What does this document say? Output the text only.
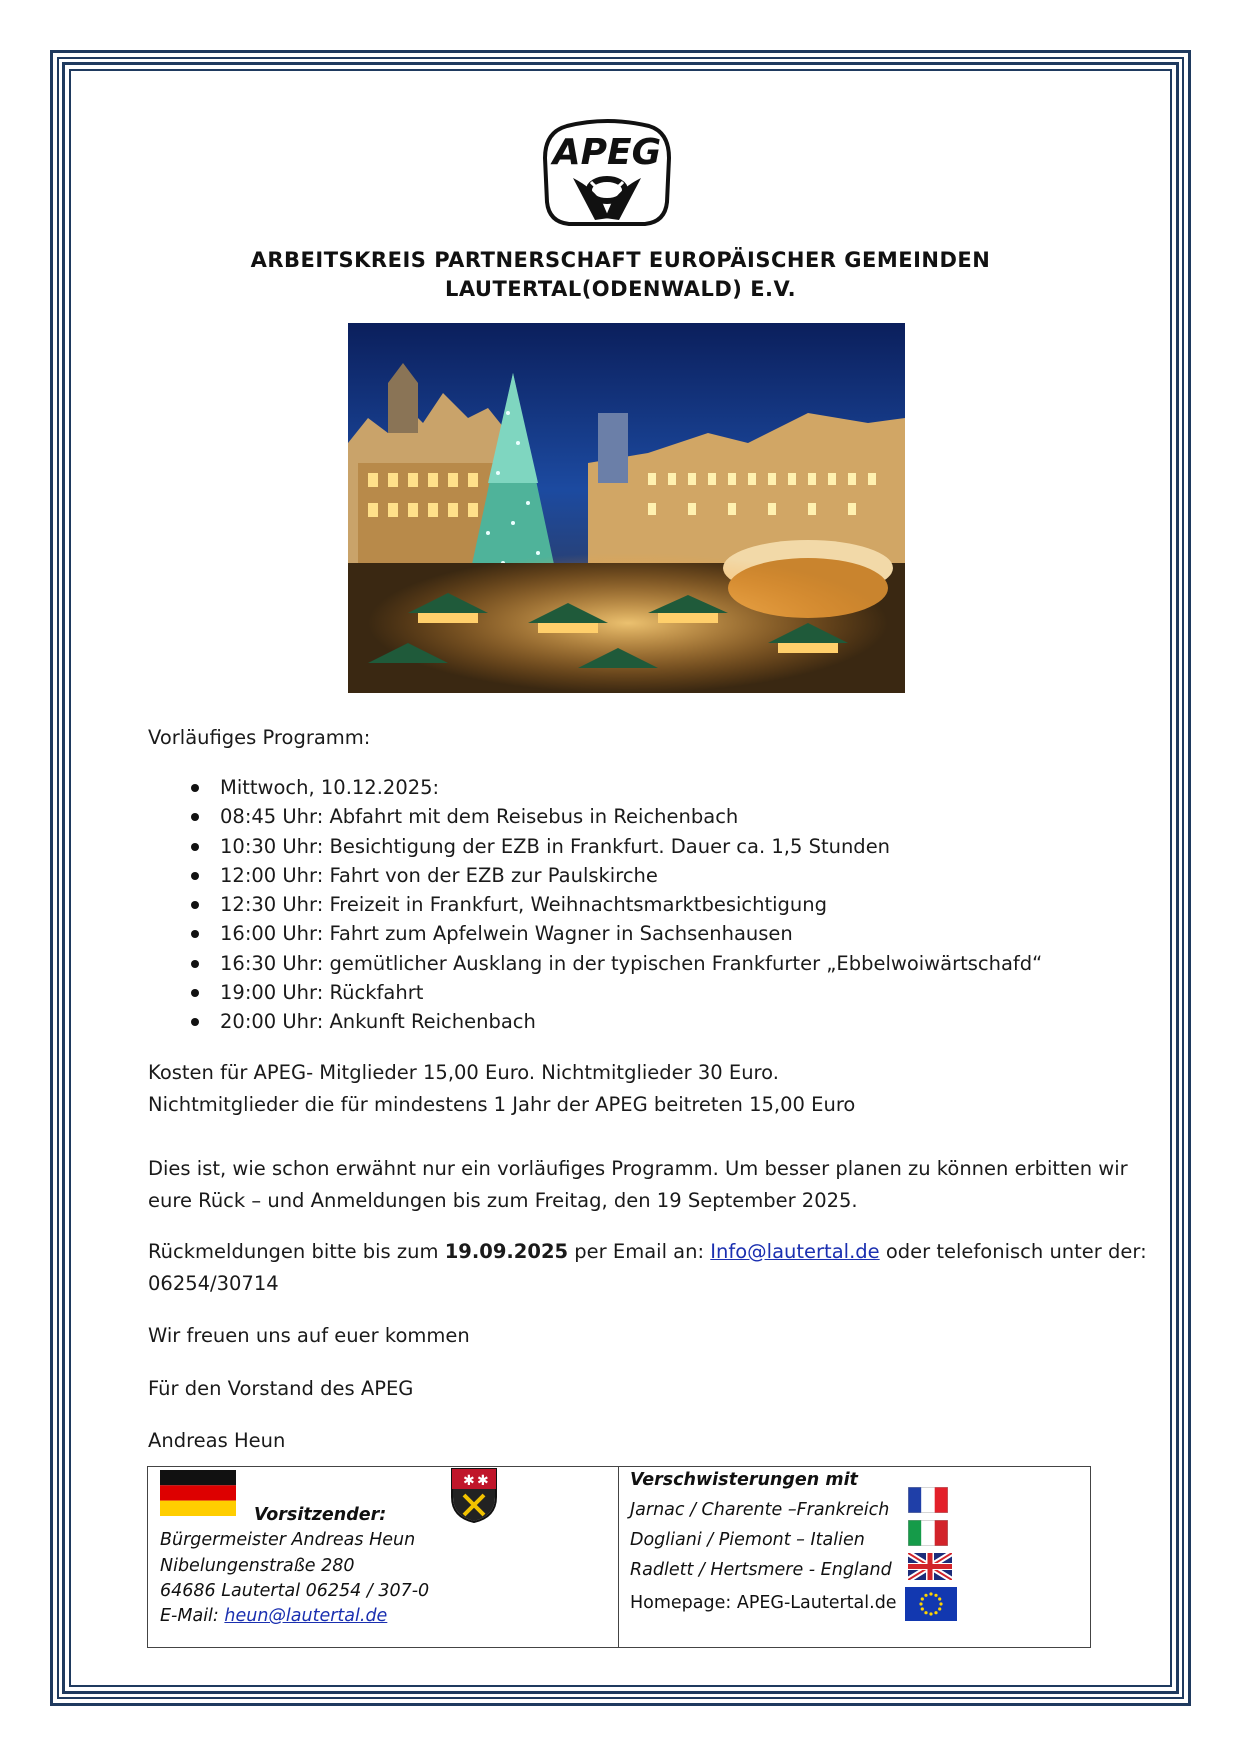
APEG
ARBEITSKREIS PARTNERSCHAFT EUROPÄISCHER GEMEINDEN
LAUTERTAL(ODENWALD) E.V.
Vorläufiges Programm:
Mittwoch, 10.12.2025:
08:45 Uhr: Abfahrt mit dem Reisebus in Reichenbach
10:30 Uhr: Besichtigung der EZB in Frankfurt. Dauer ca. 1,5 Stunden
12:00 Uhr: Fahrt von der EZB zur Paulskirche
12:30 Uhr: Freizeit in Frankfurt, Weihnachtsmarktbesichtigung
16:00 Uhr: Fahrt zum Apfelwein Wagner in Sachsenhausen
16:30 Uhr: gemütlicher Ausklang in der typischen Frankfurter „Ebbelwoiwärtschafd“
19:00 Uhr: Rückfahrt
20:00 Uhr: Ankunft Reichenbach
Kosten für APEG- Mitglieder 15,00 Euro. Nichtmitglieder 30 Euro.
Nichtmitglieder die für mindestens 1 Jahr der APEG beitreten 15,00 Euro
Dies ist, wie schon erwähnt nur ein vorläufiges Programm. Um besser planen zu können erbitten wir
eure Rück – und Anmeldungen bis zum Freitag, den 19 September 2025.
Rückmeldungen bitte bis zum 19.09.2025 per Email an: Info@lautertal.de oder telefonisch unter der:
06254/30714
Wir freuen uns auf euer kommen
Für den Vorstand des APEG
Andreas Heun
✱ ✱
Vorsitzender:
Bürgermeister Andreas Heun
Nibelungenstraße 280
64686 Lautertal 06254 / 307-0
E-Mail: heun@lautertal.de
Verschwisterungen mit
Jarnac / Charente –Frankreich
Dogliani / Piemont – Italien
Radlett / Hertsmere - England
Homepage: APEG-Lautertal.de
